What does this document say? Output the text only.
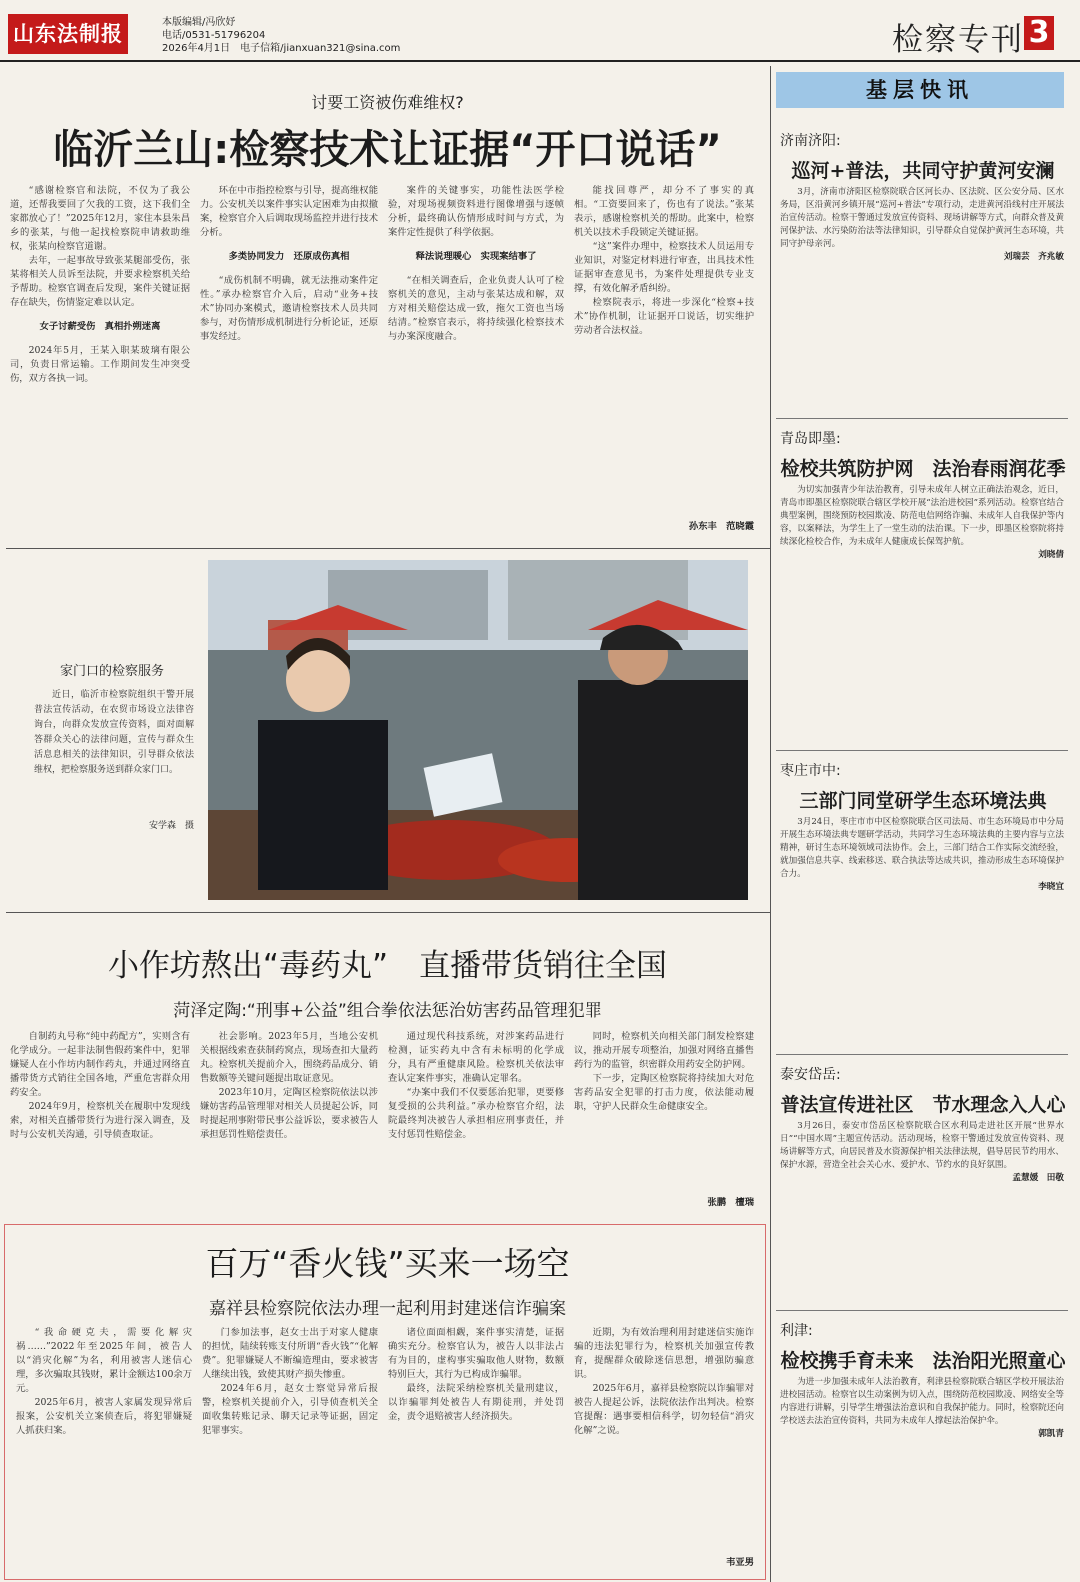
山东法制报	本版编辑/冯欣妤
电话/0531-51796204
2026年4月1日　电子信箱/jianxuan321@sina.com	检察专刊 3
讨要工资被伤难维权?
临沂兰山:检察技术让证据“开口说话”

“感谢检察官和法院，不仅为了我公道，还帮我要回了欠我的工资，这下我们全家都放心了！”2025年12月，家住本县朱昌乡的张某，与他一起找检察院申请救助维权，张某向检察官道谢。

去年，一起事故导致张某腿部受伤，张某将相关人员诉至法院，并要求检察机关给予帮助。检察官调查后发现，案件关键证据存在缺失，伤情鉴定难以认定。

女子讨薪受伤　真相扑朔迷离

2024年5月，王某入职某玻璃有限公司，负责日常运输。工作期间发生冲突受伤，双方各执一词。

环在中市指控检察与引导，提高维权能力。公安机关以案件事实认定困难为由拟撤案，检察官介入后调取现场监控并进行技术分析。

多类协同发力　还原成伤真相

“成伤机制不明确，就无法推动案件定性。”承办检察官介入后，启动“业务+技术”协同办案模式，邀请检察技术人员共同参与，对伤情形成机制进行分析论证，还原事发经过。

案件的关键事实，功能性法医学检验，对现场视频资料进行图像增强与逐帧分析，最终确认伤情形成时间与方式，为案件定性提供了科学依据。

释法说理暖心　实现案结事了

“在相关调查后，企业负责人认可了检察机关的意见，主动与张某达成和解，双方对相关赔偿达成一致，拖欠工资也当场结清。”检察官表示，将持续强化检察技术与办案深度融合。

能找回尊严，却分不了事实的真相。“工资要回来了，伤也有了说法。”张某表示，感谢检察机关的帮助。此案中，检察机关以技术手段锁定关键证据。

“这”案件办理中，检察技术人员运用专业知识，对鉴定材料进行审查，出具技术性证据审查意见书，为案件处理提供专业支撑，有效化解矛盾纠纷。

检察院表示，将进一步深化“检察+技术”协作机制，让证据开口说话，切实维护劳动者合法权益。

孙东丰　范晓霞

家门口的检察服务

近日，临沂市检察院组织干警开展普法宣传活动，在农贸市场设立法律咨询台，向群众发放宣传资料，面对面解答群众关心的法律问题，宣传与群众生活息息相关的法律知识，引导群众依法维权，把检察服务送到群众家门口。

安学森　摄
小作坊熬出“毒药丸”　直播带货销往全国
菏泽定陶:“刑事+公益”组合拳依法惩治妨害药品管理犯罪

自制药丸号称“纯中药配方”，实则含有化学成分。一起非法制售假药案件中，犯罪嫌疑人在小作坊内制作药丸，并通过网络直播带货方式销往全国各地，严重危害群众用药安全。

2024年9月，检察机关在履职中发现线索，对相关直播带货行为进行深入调查，及时与公安机关沟通，引导侦查取证。

社会影响。2023年5月，当地公安机关根据线索查获制药窝点，现场查扣大量药丸。检察机关提前介入，围绕药品成分、销售数额等关键问题提出取证意见。

2023年10月，定陶区检察院依法以涉嫌妨害药品管理罪对相关人员提起公诉，同时提起刑事附带民事公益诉讼，要求被告人承担惩罚性赔偿责任。

通过现代科技系统，对涉案药品进行检测，证实药丸中含有未标明的化学成分，具有严重健康风险。检察机关依法审查认定案件事实，准确认定罪名。

“办案中我们不仅要惩治犯罪，更要修复受损的公共利益。”承办检察官介绍，法院最终判决被告人承担相应刑事责任，并支付惩罚性赔偿金。

同时，检察机关向相关部门制发检察建议，推动开展专项整治，加强对网络直播售药行为的监管，织密群众用药安全防护网。

下一步，定陶区检察院将持续加大对危害药品安全犯罪的打击力度，依法能动履职，守护人民群众生命健康安全。

张鹏　檀瑞

百万“香火钱”买来一场空
嘉祥县检察院依法办理一起利用封建迷信诈骗案

“我命硬克夫，需要化解灾祸……”2022年至2025年间，被告人以“消灾化解”为名，利用被害人迷信心理，多次骗取其钱财，累计金额达100余万元。

2025年6月，被害人家属发现异常后报案，公安机关立案侦查后，将犯罪嫌疑人抓获归案。

门参加法事，赵女士出于对家人健康的担忧，陆续转账支付所谓“香火钱”“化解费”。犯罪嫌疑人不断编造理由，要求被害人继续出钱，致使其财产损失惨重。

2024年6月，赵女士察觉异常后报警，检察机关提前介入，引导侦查机关全面收集转账记录、聊天记录等证据，固定犯罪事实。

诸位面面相觑，案件事实清楚，证据确实充分。检察官认为，被告人以非法占有为目的，虚构事实骗取他人财物，数额特别巨大，其行为已构成诈骗罪。

最终，法院采纳检察机关量刑建议，以诈骗罪判处被告人有期徒刑，并处罚金，责令退赔被害人经济损失。

近期，为有效治理利用封建迷信实施诈骗的违法犯罪行为，检察机关加强宣传教育，提醒群众破除迷信思想，增强防骗意识。

2025年6月，嘉祥县检察院以诈骗罪对被告人提起公诉，法院依法作出判决。检察官提醒：遇事要相信科学，切勿轻信“消灾化解”之说。

韦亚男

基层快讯
济南济阳:
巡河+普法，共同守护黄河安澜

3月，济南市济阳区检察院联合区河长办、区法院、区公安分局、区水务局，区沿黄河乡镇开展“巡河+普法”专项行动，走进黄河沿线村庄开展法治宣传活动。检察干警通过发放宣传资料、现场讲解等方式，向群众普及黄河保护法、水污染防治法等法律知识，引导群众自觉保护黄河生态环境，共同守护母亲河。

刘瑞芸　齐兆敏

青岛即墨:
检校共筑防护网　法治春雨润花季

为切实加强青少年法治教育，引导未成年人树立正确法治观念，近日，青岛市即墨区检察院联合辖区学校开展“法治进校园”系列活动。检察官结合典型案例，围绕预防校园欺凌、防范电信网络诈骗、未成年人自我保护等内容，以案释法，为学生上了一堂生动的法治课。下一步，即墨区检察院将持续深化检校合作，为未成年人健康成长保驾护航。

刘晓倩

枣庄市中:
三部门同堂研学生态环境法典

3月24日，枣庄市市中区检察院联合区司法局、市生态环境局市中分局开展生态环境法典专题研学活动，共同学习生态环境法典的主要内容与立法精神，研讨生态环境领域司法协作。会上，三部门结合工作实际交流经验，就加强信息共享、线索移送、联合执法等达成共识，推动形成生态环境保护合力。

李晓宜

泰安岱岳:
普法宣传进社区　节水理念入人心

3月26日，泰安市岱岳区检察院联合区水利局走进社区开展“世界水日”“中国水周”主题宣传活动。活动现场，检察干警通过发放宣传资料、现场讲解等方式，向居民普及水资源保护相关法律法规，倡导居民节约用水、保护水源，营造全社会关心水、爱护水、节约水的良好氛围。

孟慧媛　田敬

利津:
检校携手育未来　法治阳光照童心

为进一步加强未成年人法治教育，利津县检察院联合辖区学校开展法治进校园活动。检察官以生动案例为切入点，围绕防范校园欺凌、网络安全等内容进行讲解，引导学生增强法治意识和自我保护能力。同时，检察院还向学校送去法治宣传资料，共同为未成年人撑起法治保护伞。

郭凯青
